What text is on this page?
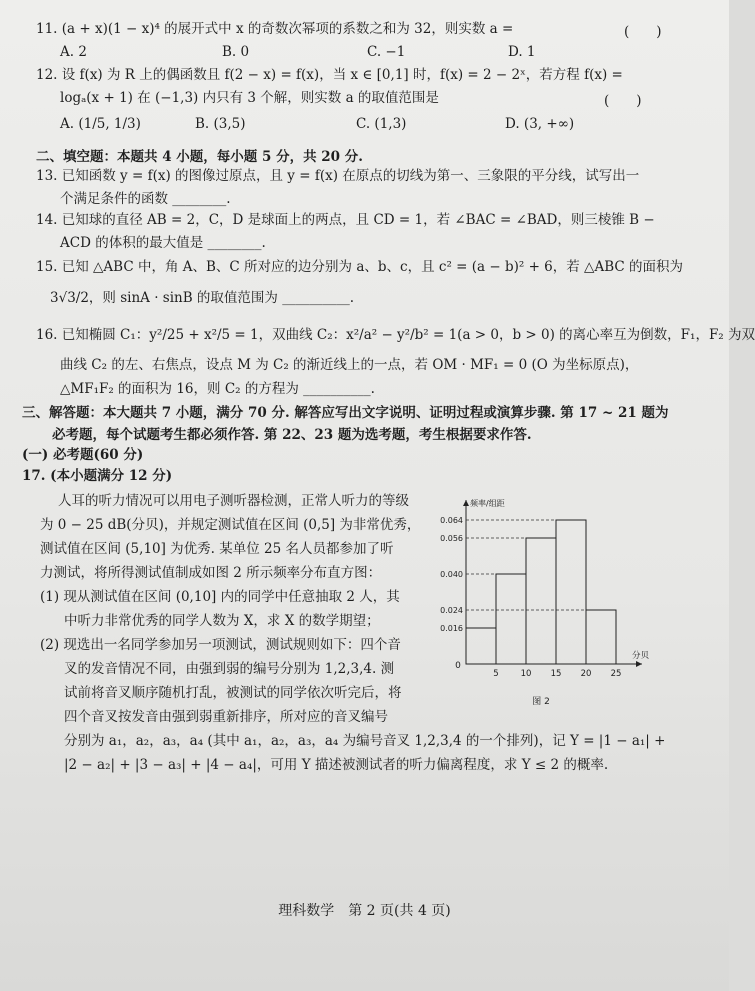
11. (a + x)(1 − x)⁴ 的展开式中 x 的奇数次幂项的系数之和为 32，则实数 a =	(　　)
A. 2	B. 0	C. −1	D. 1
12. 设 f(x) 为 R 上的偶函数且 f(2 − x) = f(x)，当 x ∈ [0,1] 时，f(x) = 2 − 2ˣ，若方程 f(x) =
logₐ(x + 1) 在 (−1,3) 内只有 3 个解，则实数 a 的取值范围是	(　　)
A. (1/5, 1/3)	B. (3,5)	C. (1,3)	D. (3, +∞)
二、填空题：本题共 4 小题，每小题 5 分，共 20 分.
13. 已知函数 y = f(x) 的图像过原点，且 y = f(x) 在原点的切线为第一、三象限的平分线，试写出一
个满足条件的函数 ________.
14. 已知球的直径 AB = 2，C，D 是球面上的两点，且 CD = 1，若 ∠BAC = ∠BAD，则三棱锥 B −
ACD 的体积的最大值是 ________.
15. 已知 △ABC 中，角 A、B、C 所对应的边分别为 a、b、c，且 c² = (a − b)² + 6，若 △ABC 的面积为
3√3/2，则 sinA · sinB 的取值范围为 __________.
16. 已知椭圆 C₁：y²/25 + x²/5 = 1，双曲线 C₂：x²/a² − y²/b² = 1(a > 0，b > 0) 的离心率互为倒数，F₁，F₂ 为双
曲线 C₂ 的左、右焦点，设点 M 为 C₂ 的渐近线上的一点，若 OM · MF₁ = 0 (O 为坐标原点)，
△MF₁F₂ 的面积为 16，则 C₂ 的方程为 __________.
三、解答题：本大题共 7 小题，满分 70 分. 解答应写出文字说明、证明过程或演算步骤. 第 17 ~ 21 题为
必考题，每个试题考生都必须作答. 第 22、23 题为选考题，考生根据要求作答.
(一) 必考题(60 分)
17. (本小题满分 12 分)
人耳的听力情况可以用电子测听器检测，正常人听力的等级
为 0 − 25 dB(分贝)，并规定测试值在区间 (0,5] 为非常优秀，
测试值在区间 (5,10] 为优秀. 某单位 25 名人员都参加了听
力测试，将所得测试值制成如图 2 所示频率分布直方图：
(1) 现从测试值在区间 (0,10] 内的同学中任意抽取 2 人，其
中听力非常优秀的同学人数为 X，求 X 的数学期望；
(2) 现选出一名同学参加另一项测试，测试规则如下：四个音
叉的发音情况不同，由强到弱的编号分别为 1,2,3,4. 测
试前将音叉顺序随机打乱，被测试的同学依次听完后，将
四个音叉按发音由强到弱重新排序，所对应的音叉编号
分别为 a₁，a₂，a₃，a₄ (其中 a₁，a₂，a₃，a₄ 为编号音叉 1,2,3,4 的一个排列)，记 Y = |1 − a₁| +
|2 − a₂| + |3 − a₃| + |4 − a₄|，可用 Y 描述被测试者的听力偏离程度，求 Y ≤ 2 的概率.
0.064
0.056
0.040
0.024
0.016
5	10 15 20 25
0
频率/组距
分贝
图 2
理科数学　第 2 页(共 4 页)
